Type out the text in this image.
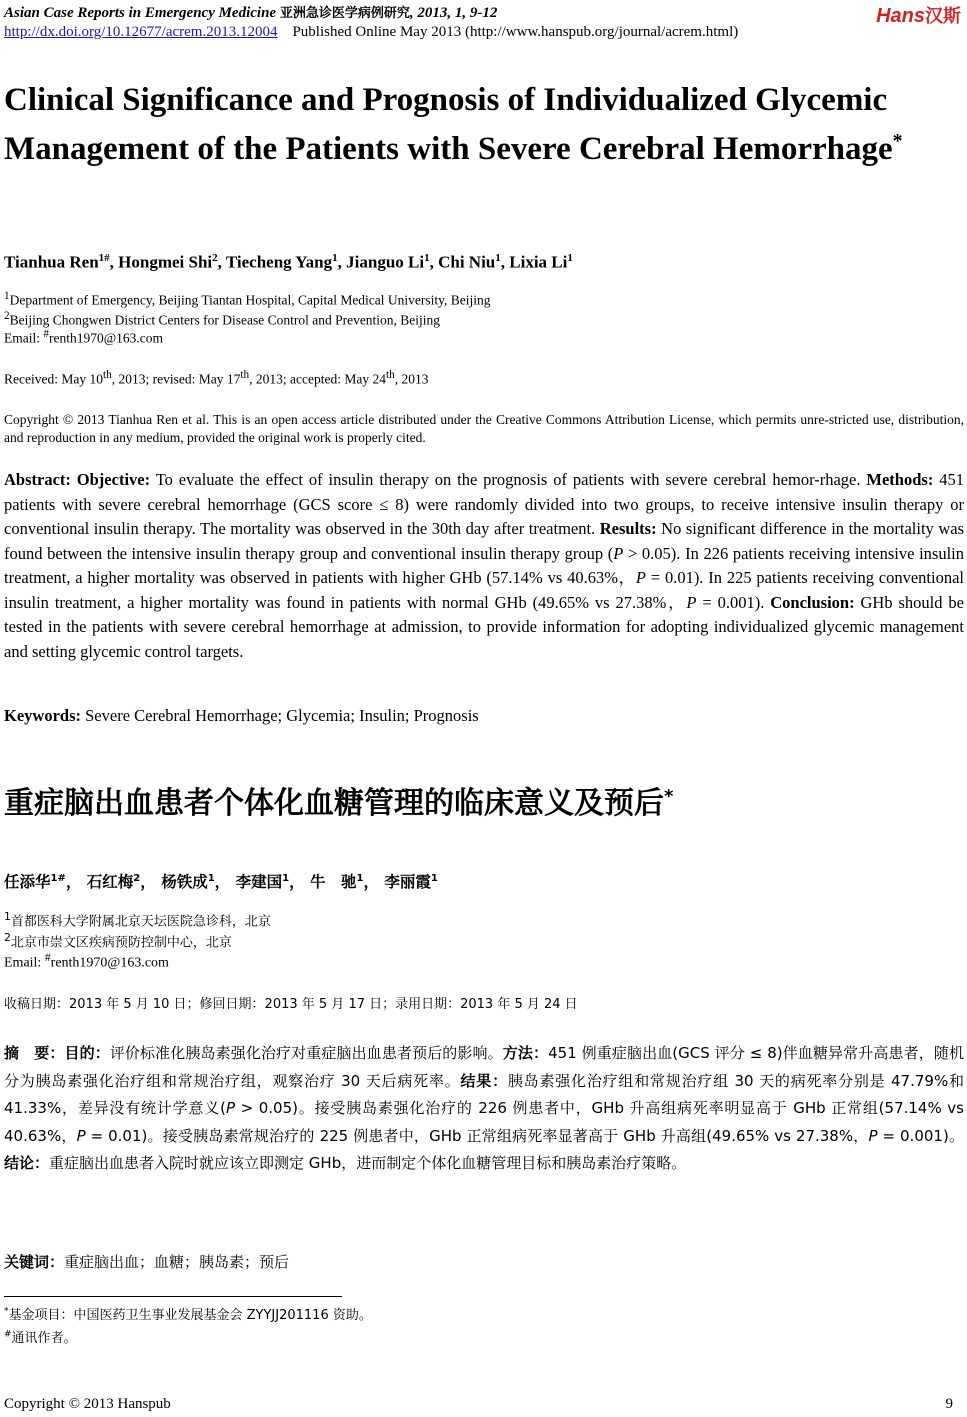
Asian Case Reports in Emergency Medicine 亚洲急诊医学病例研究, 2013, 1, 9-12	Hans汉斯
http://dx.doi.org/10.12677/acrem.2013.12004 Published Online May 2013 (http://www.hanspub.org/journal/acrem.html)
Clinical Significance and Prognosis of Individualized Glycemic Management of the Patients with Severe Cerebral Hemorrhage*
Tianhua Ren$^{1\#}$, Hongmei Shi$^2$, Tiecheng Yang$^1$, Jianguo Li$^1$, Chi Niu$^1$, Lixia Li$^1$
$^1$Department of Emergency, Beijing Tiantan Hospital, Capital Medical University, Beijing
$^2$Beijing Chongwen District Centers for Disease Control and Prevention, Beijing
Email: #renth1970@163.com
Received: May 10th, 2013; revised: May 17th, 2013; accepted: May 24th, 2013
Copyright © 2013 Tianhua Ren et al. This is an open access article distributed under the Creative Commons Attribution License, which permits unre-stricted use, distribution, and reproduction in any medium, provided the original work is properly cited.
Abstract: Objective: To evaluate the effect of insulin therapy on the prognosis of patients with severe cerebral hemor-rhage. Methods: 451 patients with severe cerebral hemorrhage (GCS score ≤ 8) were randomly divided into two groups, to receive intensive insulin therapy or conventional insulin therapy. The mortality was observed in the 30th day after treatment. Results: No significant difference in the mortality was found between the intensive insulin therapy group and conventional insulin therapy group (P > 0.05). In 226 patients receiving intensive insulin treatment, a higher mortality was observed in patients with higher GHb (57.14% vs 40.63%，P = 0.01). In 225 patients receiving conventional insulin treatment, a higher mortality was found in patients with normal GHb (49.65% vs 27.38%，P = 0.001). Conclusion: GHb should be tested in the patients with severe cerebral hemorrhage at admission, to provide information for adopting individualized glycemic management and setting glycemic control targets.
Keywords: Severe Cerebral Hemorrhage; Glycemia; Insulin; Prognosis
重症脑出血患者个体化血糖管理的临床意义及预后*
任添华$^{1\#}$， 石红梅$^2$， 杨铁成$^1$， 李建国$^1$， 牛　驰$^1$， 李丽霞$^1$
$^1$首都医科大学附属北京天坛医院急诊科，北京
$^2$北京市崇文区疾病预防控制中心，北京
Email: #renth1970@163.com
收稿日期：2013 年 5 月 10 日；修回日期：2013 年 5 月 17 日；录用日期：2013 年 5 月 24 日
摘　要：目的：评价标准化胰岛素强化治疗对重症脑出血患者预后的影响。方法：451 例重症脑出血(GCS 评分 ≤ 8)伴血糖异常升高患者，随机分为胰岛素强化治疗组和常规治疗组，观察治疗 30 天后病死率。结果：胰岛素强化治疗组和常规治疗组 30 天的病死率分别是 47.79%和 41.33%，差异没有统计学意义(P > 0.05)。接受胰岛素强化治疗的 226 例患者中，GHb 升高组病死率明显高于 GHb 正常组(57.14% vs 40.63%，P = 0.01)。接受胰岛素常规治疗的 225 例患者中，GHb 正常组病死率显著高于 GHb 升高组(49.65% vs 27.38%，P = 0.001)。结论：重症脑出血患者入院时就应该立即测定 GHb，进而制定个体化血糖管理目标和胰岛素治疗策略。
关键词：重症脑出血；血糖；胰岛素；预后
*基金项目：中国医药卫生事业发展基金会 ZYYJJ201116 资助。
#通讯作者。
Copyright © 2013 Hanspub	9
